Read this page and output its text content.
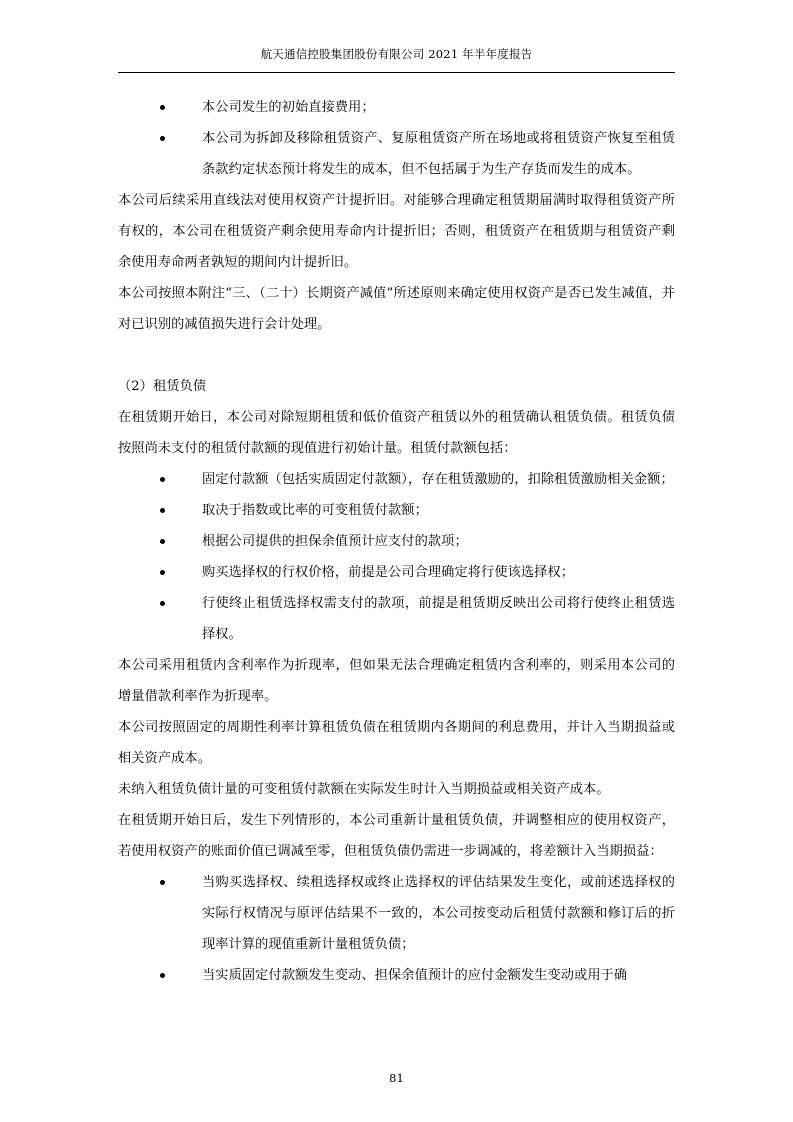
航天通信控股集团股份有限公司 2021 年半年度报告
本公司发生的初始直接费用；
本公司为拆卸及移除租赁资产、复原租赁资产所在场地或将租赁资产恢复至租赁条款约定状态预计将发生的成本，但不包括属于为生产存货而发生的成本。

本公司后续采用直线法对使用权资产计提折旧。对能够合理确定租赁期届满时取得租赁资产所有权的，本公司在租赁资产剩余使用寿命内计提折旧；否则，租赁资产在租赁期与租赁资产剩余使用寿命两者孰短的期间内计提折旧。

本公司按照本附注“三、（二十）长期资产减值”所述原则来确定使用权资产是否已发生减值，并对已识别的减值损失进行会计处理。

（2）租赁负债

在租赁期开始日，本公司对除短期租赁和低价值资产租赁以外的租赁确认租赁负债。租赁负债按照尚未支付的租赁付款额的现值进行初始计量。租赁付款额包括：

固定付款额（包括实质固定付款额），存在租赁激励的，扣除租赁激励相关金额；
取决于指数或比率的可变租赁付款额；
根据公司提供的担保余值预计应支付的款项；
购买选择权的行权价格，前提是公司合理确定将行使该选择权；
行使终止租赁选择权需支付的款项，前提是租赁期反映出公司将行使终止租赁选择权。

本公司采用租赁内含利率作为折现率，但如果无法合理确定租赁内含利率的，则采用本公司的增量借款利率作为折现率。

本公司按照固定的周期性利率计算租赁负债在租赁期内各期间的利息费用，并计入当期损益或相关资产成本。

未纳入租赁负债计量的可变租赁付款额在实际发生时计入当期损益或相关资产成本。

在租赁期开始日后，发生下列情形的，本公司重新计量租赁负债，并调整相应的使用权资产，若使用权资产的账面价值已调减至零，但租赁负债仍需进一步调减的，将差额计入当期损益：

当购买选择权、续租选择权或终止选择权的评估结果发生变化，或前述选择权的实际行权情况与原评估结果不一致的，本公司按变动后租赁付款额和修订后的折现率计算的现值重新计量租赁负债；
当实质固定付款额发生变动、担保余值预计的应付金额发生变动或用于确
81
